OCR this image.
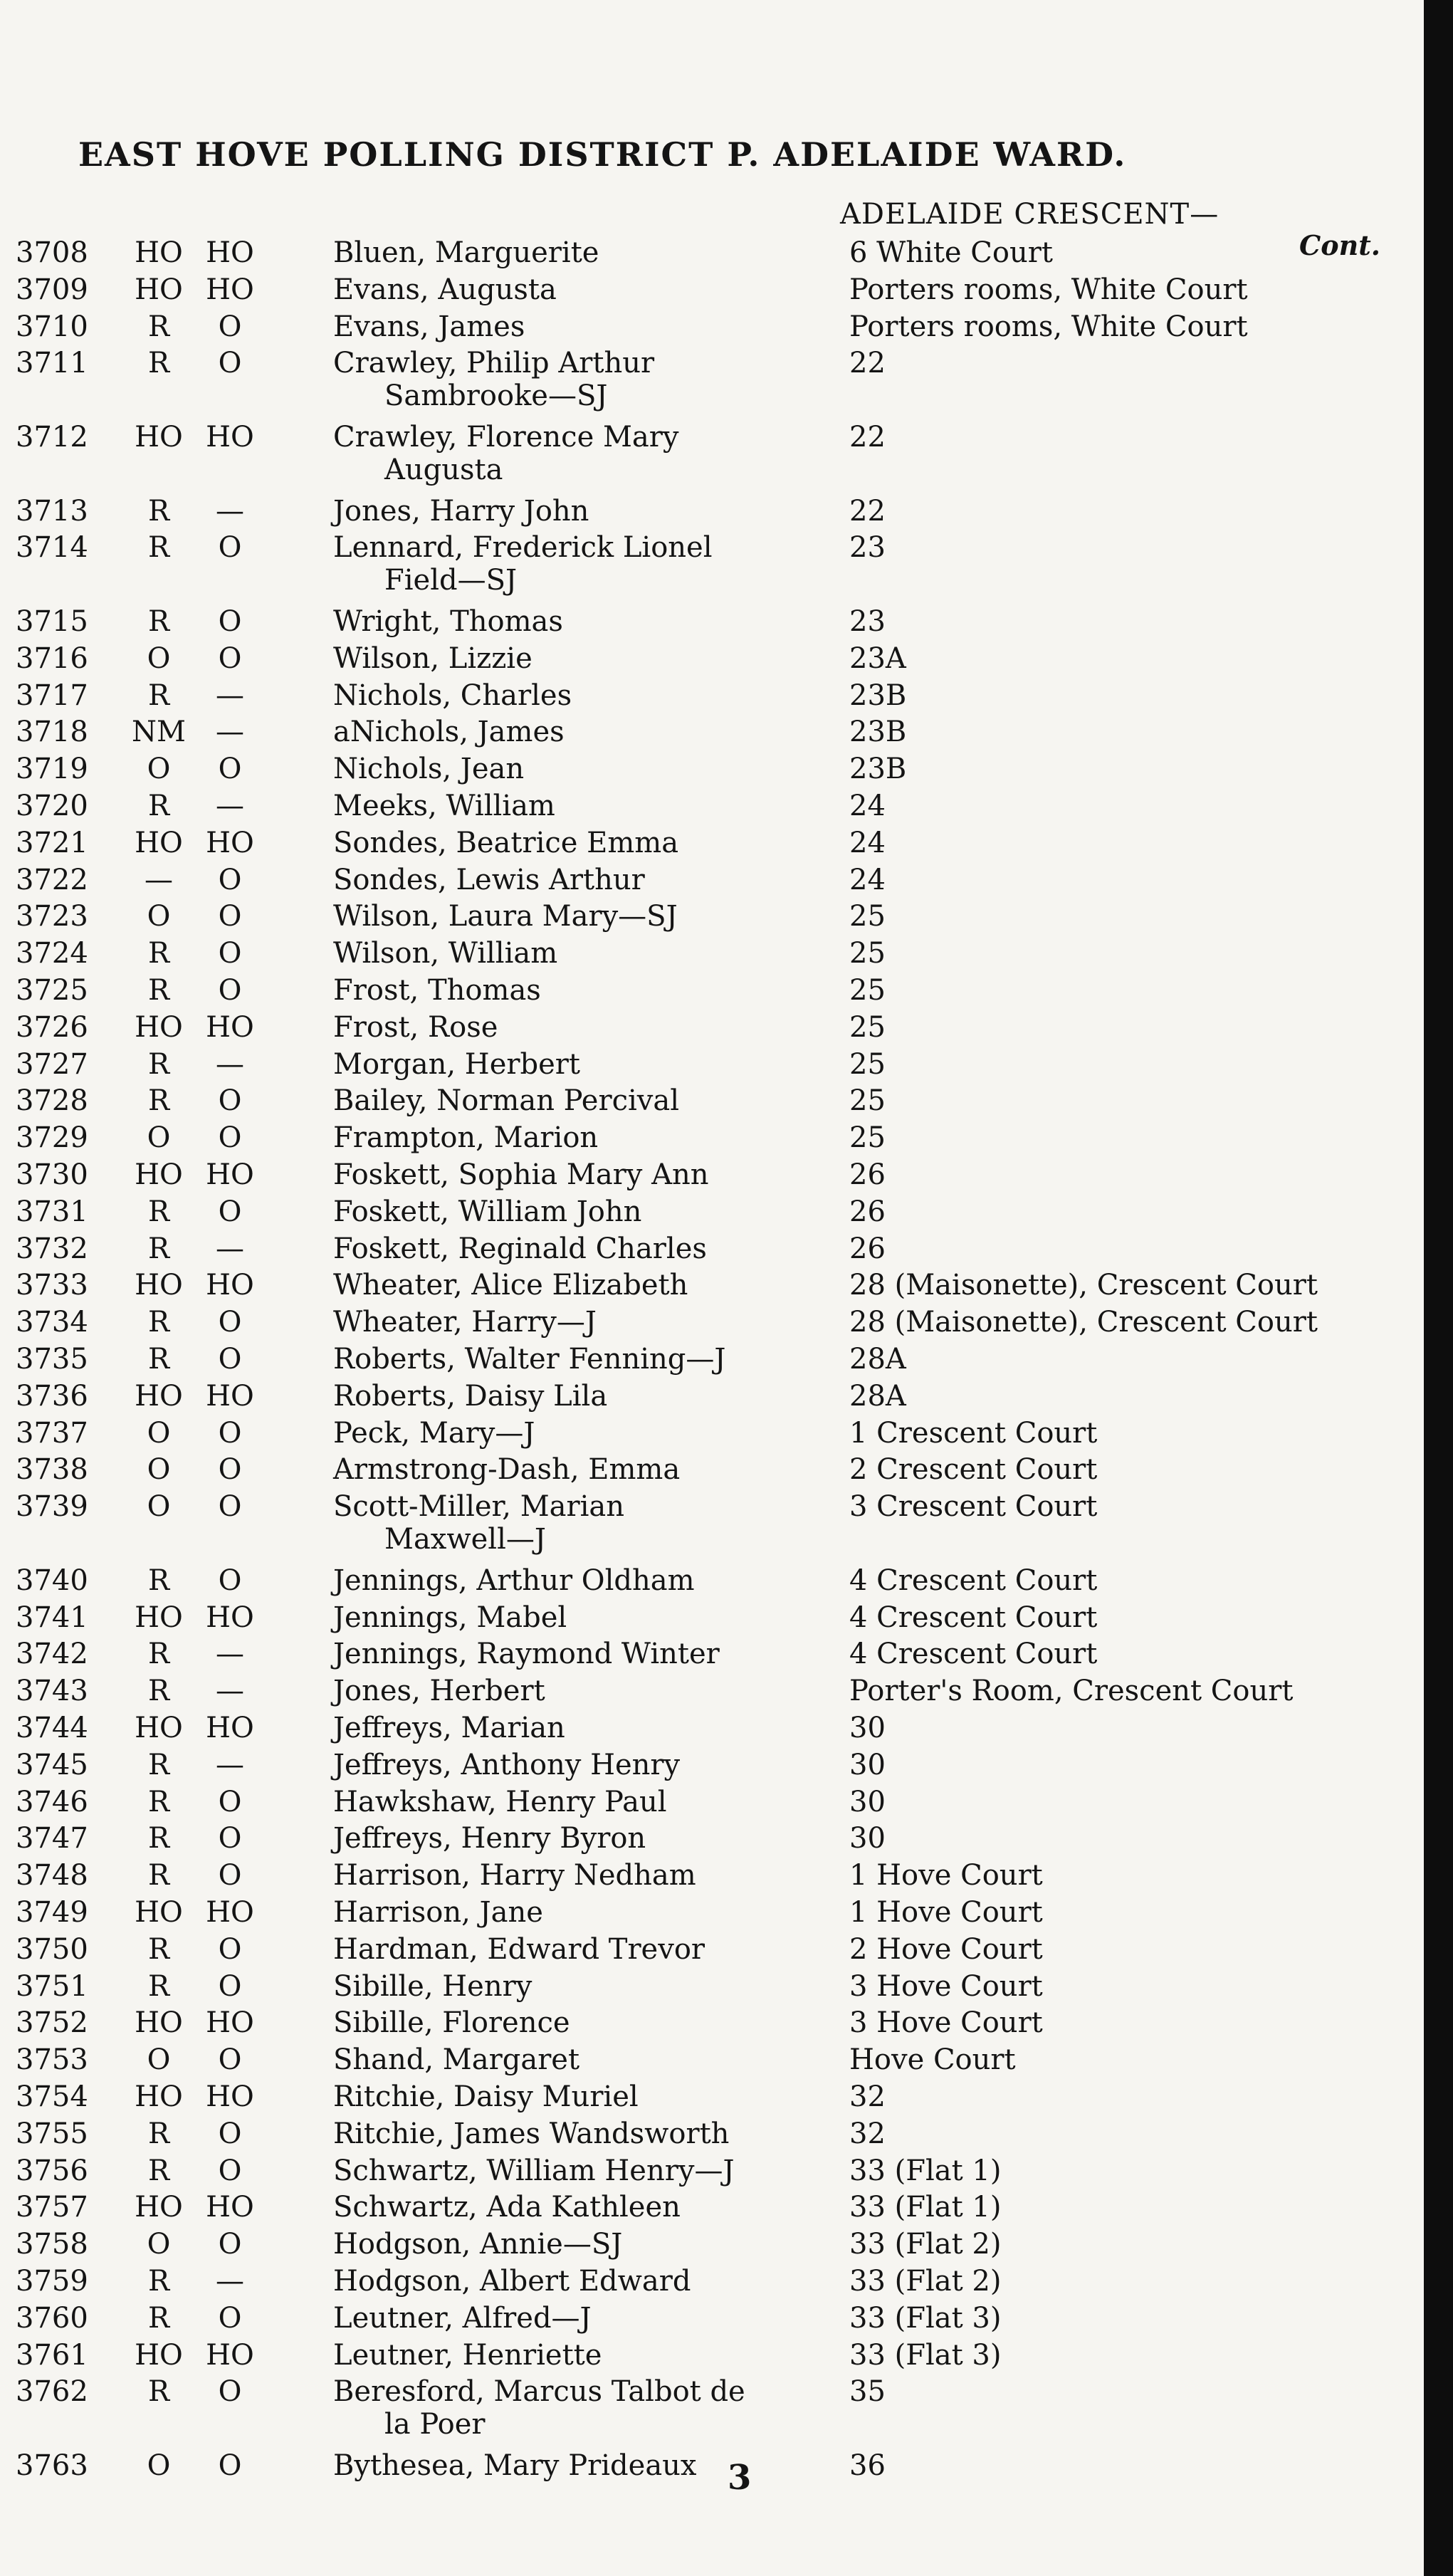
EAST HOVE POLLING DISTRICT P. ADELAIDE WARD.
ADELAIDE CRESCENT—
Cont.
3708	HO HO	Bluen, Marguerite	6 White Court
3709	HO HO	Evans, Augusta	Porters rooms, White Court
3710	R	O	Evans, James	Porters rooms, White Court
3711	R	O	Crawley, Philip Arthur	22
Sambrooke—SJ
3712	HO HO	Crawley, Florence Mary	22
Augusta
3713	R	—	Jones, Harry John	22
3714	R	O	Lennard, Frederick Lionel	23
Field—SJ
3715	R	O	Wright, Thomas	23
3716	O	O	Wilson, Lizzie	23A
3717	R	—	Nichols, Charles	23B
3718	NM	—	aNichols, James	23B
3719	O	O	Nichols, Jean	23B
3720	R	—	Meeks, William	24
3721	HO HO	Sondes, Beatrice Emma	24
3722	—	O	Sondes, Lewis Arthur	24
3723	O	O	Wilson, Laura Mary—SJ	25
3724	R	O	Wilson, William	25
3725	R	O	Frost, Thomas	25
3726	HO HO	Frost, Rose	25
3727	R	—	Morgan, Herbert	25
3728	R	O	Bailey, Norman Percival	25
3729	O	O	Frampton, Marion	25
3730	HO HO	Foskett, Sophia Mary Ann	26
3731	R	O	Foskett, William John	26
3732	R	—	Foskett, Reginald Charles	26
3733	HO HO	Wheater, Alice Elizabeth	28 (Maisonette), Crescent Court
3734	R	O	Wheater, Harry—J	28 (Maisonette), Crescent Court
3735	R	O	Roberts, Walter Fenning—J	28A
3736	HO HO	Roberts, Daisy Lila	28A
3737	O	O	Peck, Mary—J	1 Crescent Court
3738	O	O	Armstrong-Dash, Emma	2 Crescent Court
3739	O	O	Scott-Miller, Marian	3 Crescent Court
Maxwell—J
3740	R	O	Jennings, Arthur Oldham	4 Crescent Court
3741	HO HO	Jennings, Mabel	4 Crescent Court
3742	R	—	Jennings, Raymond Winter	4 Crescent Court
3743	R	—	Jones, Herbert	Porter's Room, Crescent Court
3744	HO HO	Jeffreys, Marian	30
3745	R	—	Jeffreys, Anthony Henry	30
3746	R	O	Hawkshaw, Henry Paul	30
3747	R	O	Jeffreys, Henry Byron	30
3748	R	O	Harrison, Harry Nedham	1 Hove Court
3749	HO HO	Harrison, Jane	1 Hove Court
3750	R	O	Hardman, Edward Trevor	2 Hove Court
3751	R	O	Sibille, Henry	3 Hove Court
3752	HO HO	Sibille, Florence	3 Hove Court
3753	O	O	Shand, Margaret	Hove Court
3754	HO HO	Ritchie, Daisy Muriel	32
3755	R	O	Ritchie, James Wandsworth	32
3756	R	O	Schwartz, William Henry—J	33 (Flat 1)
3757	HO HO	Schwartz, Ada Kathleen	33 (Flat 1)
3758	O	O	Hodgson, Annie—SJ	33 (Flat 2)
3759	R	—	Hodgson, Albert Edward	33 (Flat 2)
3760	R	O	Leutner, Alfred—J	33 (Flat 3)
3761	HO HO	Leutner, Henriette	33 (Flat 3)
3762	R	O	Beresford, Marcus Talbot de	35
la Poer
3763	O	O	Bythesea, Mary Prideaux	36
3
